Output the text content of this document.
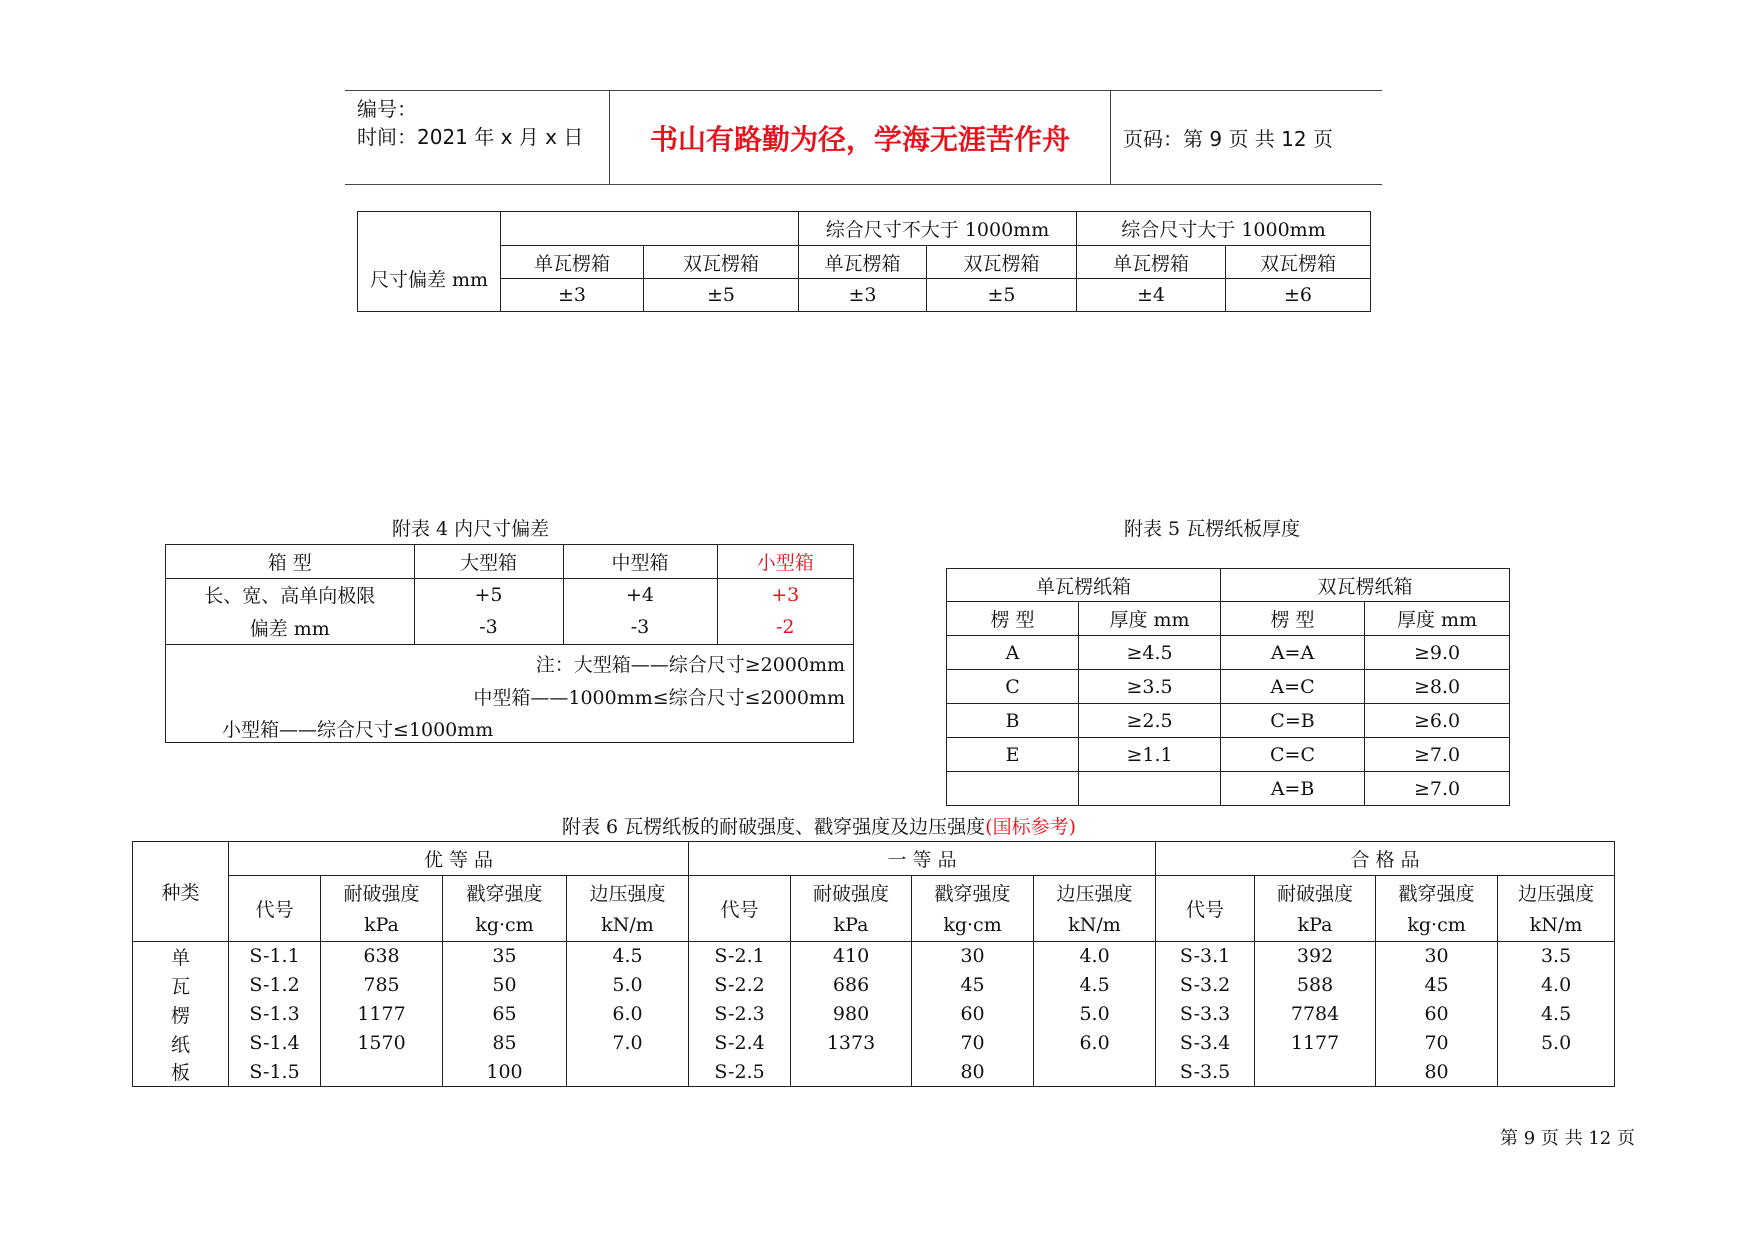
编号：
时间：2021 年 x 月 x 日	书山有路勤为径，学海无涯苦作舟	页码：第 9 页 共 12 页
			综合尺寸不大于 1000mm		综合尺寸大于 1000mm	
尺寸偏差 mm	单瓦楞箱	双瓦楞箱	单瓦楞箱	双瓦楞箱	单瓦楞箱	双瓦楞箱
	±3	±5	±3	±5	±4	±6
附表 4 内尺寸偏差
箱 型	大型箱	中型箱	小型箱
长、宽、高单向极限	+5	+4	+3
偏差 mm	-3	-3	-2
注：大型箱——综合尺寸≥2000mm
中型箱——1000mm≤综合尺寸≤2000mm
小型箱——综合尺寸≤1000mm
附表 5 瓦楞纸板厚度
单瓦楞纸箱		双瓦楞纸箱	
楞 型	厚度 mm	楞 型	厚度 mm
A	≥4.5	A=A	≥9.0
C	≥3.5	A=C	≥8.0
B	≥2.5	C=B	≥6.0
E	≥1.1	C=C	≥7.0
		A=B	≥7.0
附表 6 瓦楞纸板的耐破强度、戳穿强度及边压强度(国标参考)
种类	优 等 品				一 等 品				合 格 品			
	代号	耐破强度	戳穿强度	边压强度	代号	耐破强度	戳穿强度	边压强度	代号	耐破强度	戳穿强度	边压强度
		kPa	kg·cm	kN/m		kPa	kg·cm	kN/m		kPa	kg·cm	kN/m
单	S-1.1	638	35	4.5	S-2.1	410	30	4.0	S-3.1	392	30	3.5
瓦	S-1.2	785	50	5.0	S-2.2	686	45	4.5	S-3.2	588	45	4.0
楞	S-1.3	1177	65	6.0	S-2.3	980	60	5.0	S-3.3	7784	60	4.5
纸	S-1.4	1570	85	7.0	S-2.4	1373	70	6.0	S-3.4	1177	70	5.0
板	S-1.5		100		S-2.5		80		S-3.5		80	
第 9 页 共 12 页
